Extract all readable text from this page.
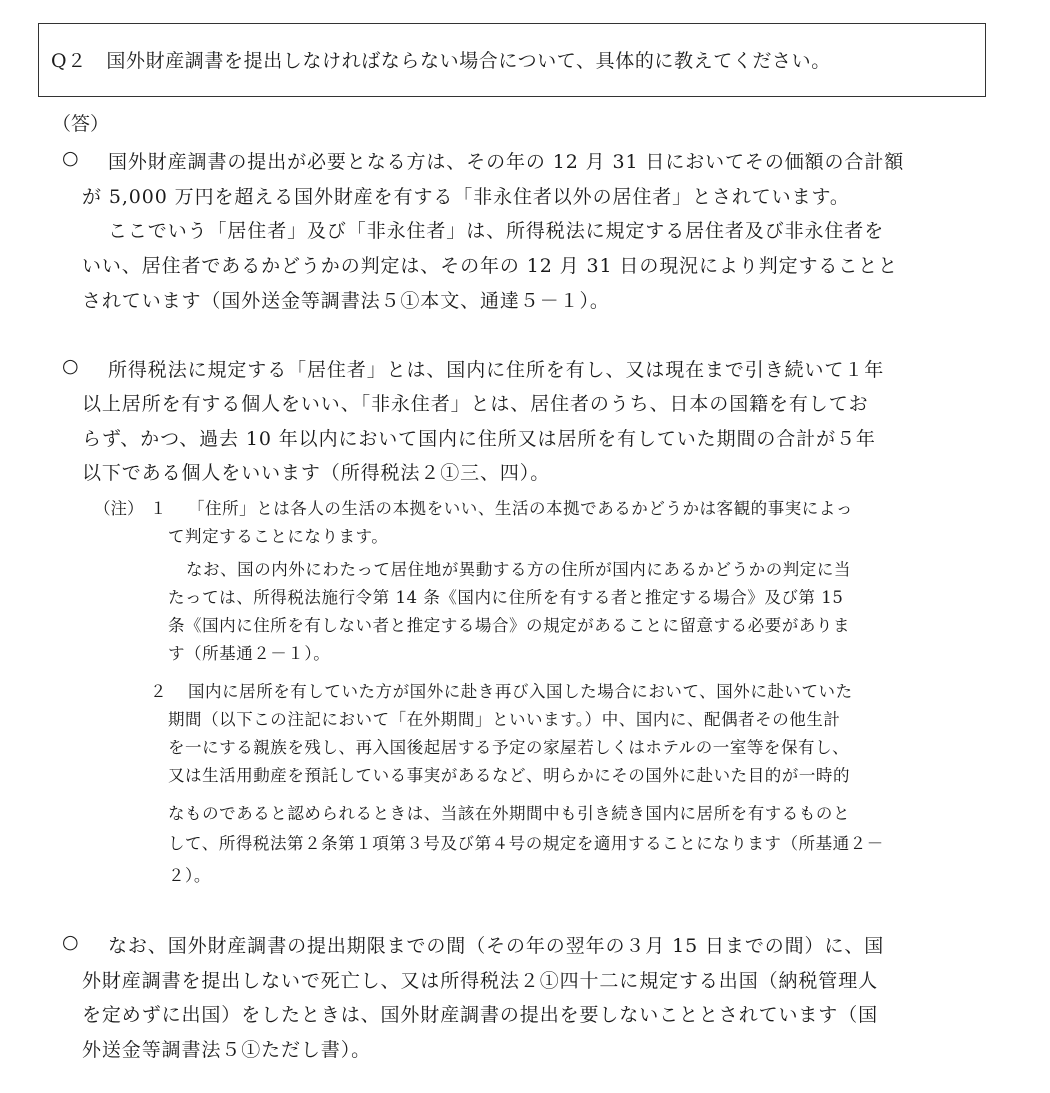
Q２　 国外財産調書を提出しなければならない場合について、具体的に教えてください。
（答）
○ 国外財産調書の提出が必要となる方は、その年の 12 月 31 日においてその価額の合計額
が 5,000 万円を超える国外財産を有する「非永住者以外の居住者」とされています。
ここでいう「居住者」及び「非永住者」は、所得税法に規定する居住者及び非永住者を
いい、居住者であるかどうかの判定は、その年の 12 月 31 日の現況により判定することと
されています（国外送金等調書法５①本文、通達５－１）。
○ 所得税法に規定する「居住者」とは、国内に住所を有し、又は現在まで引き続いて１年
以上居所を有する個人をいい、「非永住者」とは、居住者のうち、日本の国籍を有してお
らず、かつ、過去 10 年以内において国内に住所又は居所を有していた期間の合計が５年
以下である個人をいいます（所得税法２①三、四）。
（注） １ 「住所」とは各人の生活の本拠をいい、生活の本拠であるかどうかは客観的事実によっ
て判定することになります。
なお、国の内外にわたって居住地が異動する方の住所が国内にあるかどうかの判定に当
たっては、所得税法施行令第 14 条《国内に住所を有する者と推定する場合》及び第 15
条《国内に住所を有しない者と推定する場合》の規定があることに留意する必要がありま
す（所基通２－１）。
２ 国内に居所を有していた方が国外に赴き再び入国した場合において、国外に赴いていた
期間（以下この注記において「在外期間」といいます。）中、国内に、配偶者その他生計
を一にする親族を残し、再入国後起居する予定の家屋若しくはホテルの一室等を保有し、
又は生活用動産を預託している事実があるなど、明らかにその国外に赴いた目的が一時的
なものであると認められるときは、当該在外期間中も引き続き国内に居所を有するものと
して、所得税法第２条第１項第３号及び第４号の規定を適用することになります（所基通２－
２）。
○ なお、国外財産調書の提出期限までの間（その年の翌年の３月 15 日までの間）に、国
外財産調書を提出しないで死亡し、又は所得税法２①四十二に規定する出国（納税管理人
を定めずに出国）をしたときは、国外財産調書の提出を要しないこととされています（国
外送金等調書法５①ただし書）。
